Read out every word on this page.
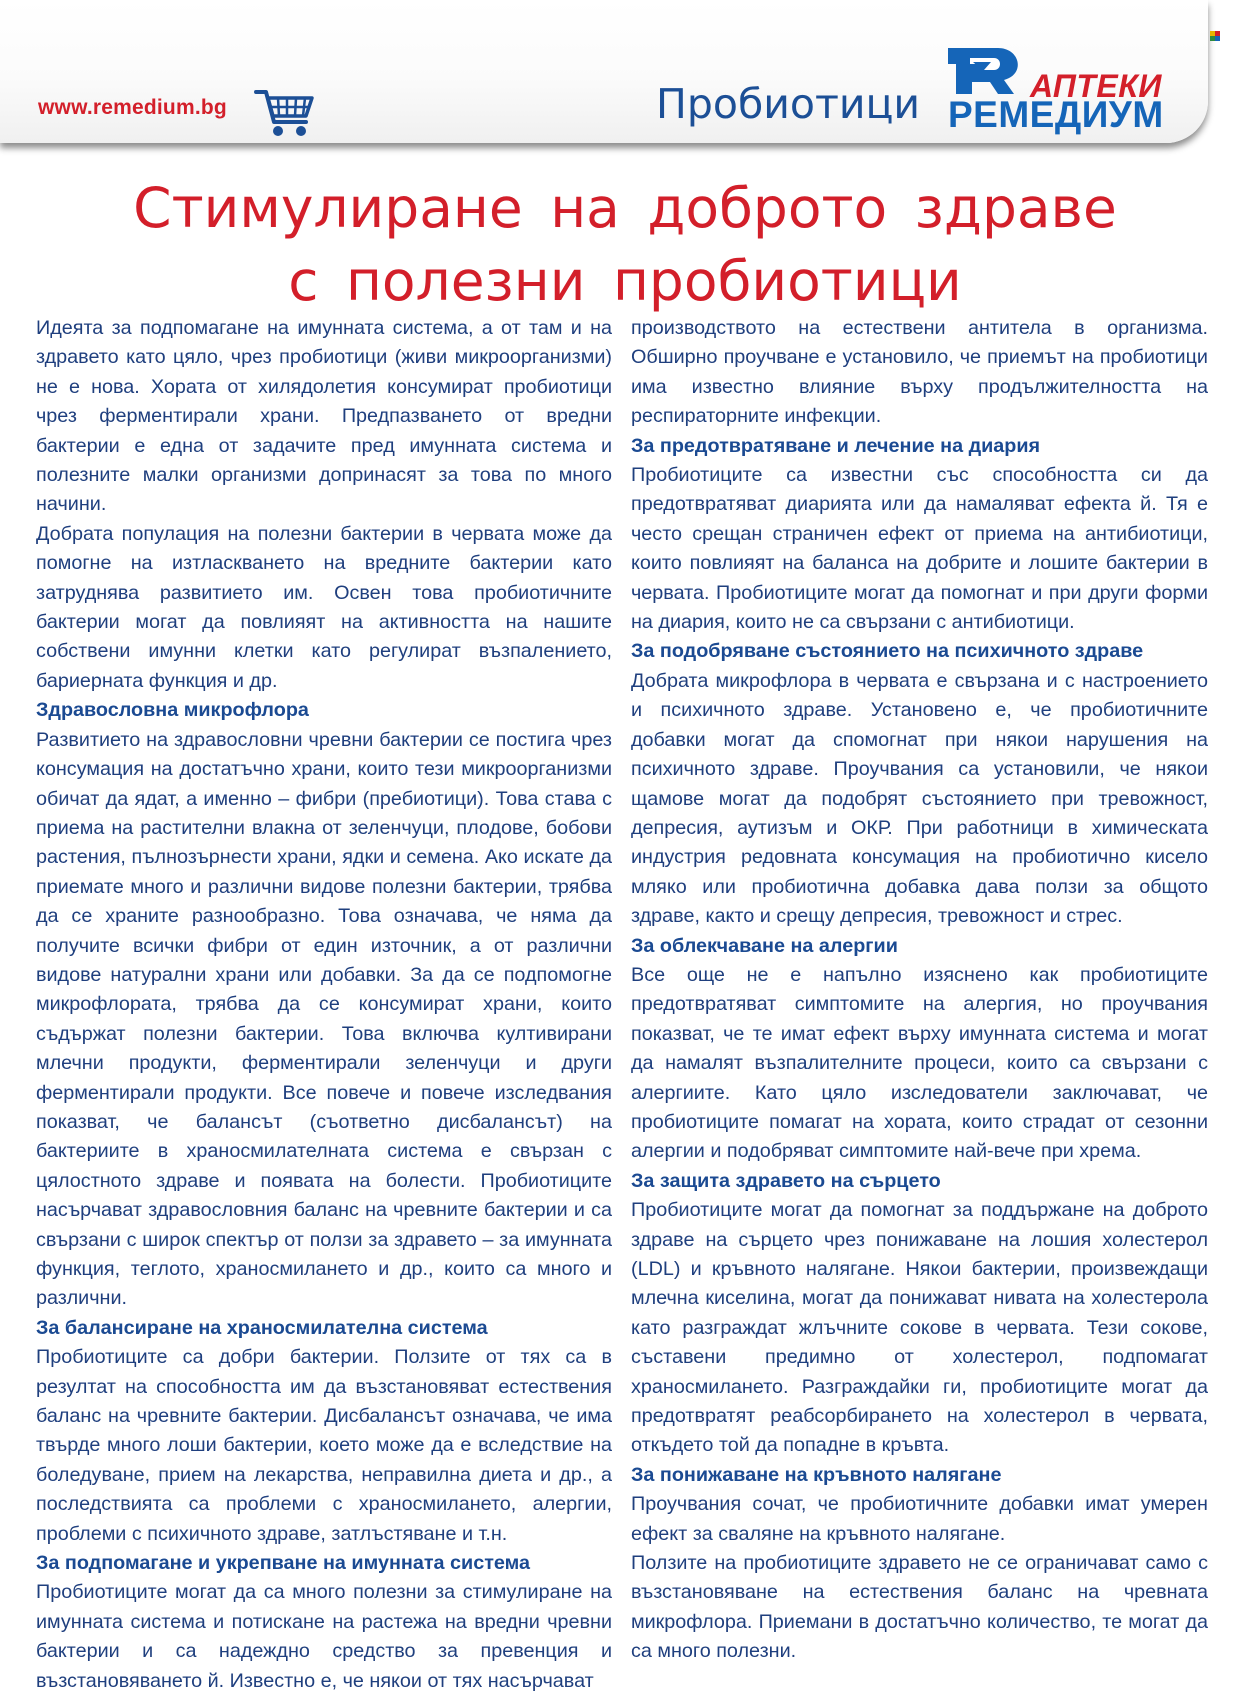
www.remedium.bg	Пробиотици	АПТЕКИ
РЕМЕДИУМ
Стимулиране на доброто здраве
с полезни пробиотици

Идеята за подпомагане на имунната система, а от там и на здравето като цяло, чрез пробиотици (живи микроорганизми) не е нова. Хората от хилядолетия консумират пробиотици чрез ферментирали храни. Предпазването от вредни бактерии е една от задачите пред имунната система и полезните малки организми допринасят за това по много начини.

Добрата популация на полезни бактерии в червата може да помогне на изтласкването на вредните бактерии като затруднява развитието им. Освен това пробиотичните бактерии могат да повлияят на активността на нашите собствени имунни клетки като регулират възпалението, бариерната функция и др.

Здравословна микрофлора

Развитието на здравословни чревни бактерии се постига чрез консумация на достатъчно храни, които тези микроорганизми обичат да ядат, а именно – фибри (пребиотици). Това става с приема на растителни влакна от зеленчуци, плодове, бобови растения, пълнозърнести храни, ядки и семена. Ако искате да приемате много и различни видове полезни бактерии, трябва да се храните разнообразно. Това означава, че няма да получите всички фибри от един източник, а от различни видове натурални храни или добавки. За да се подпомогне микрофлората, трябва да се консумират храни, които съдържат полезни бактерии. Това включва култивирани млечни продукти, ферментирали зеленчуци и други ферментирали продукти. Все повече и повече изследвания показват, че балансът (съответно дисбалансът) на бактериите в храносмилателната система е свързан с цялостното здраве и появата на болести. Пробиотиците насърчават здравословния баланс на чревните бактерии и са свързани с широк спектър от ползи за здравето – за имунната функция, теглото, храносмилането и др., които са много и различни.

За балансиране на храносмилателна система

Пробиотиците са добри бактерии. Ползите от тях са в резултат на способността им да възстановяват естествения баланс на чревните бактерии. Дисбалансът означава, че има твърде много лоши бактерии, което може да е вследствие на боледуване, прием на лекарства, неправилна диета и др., а последствията са проблеми с храносмилането, алергии, проблеми с психичното здраве, затлъстяване и т.н.

За подпомагане и укрепване на имунната система

Пробиотиците могат да са много полезни за стимулиране на имунната система и потискане на растежа на вредни чревни бактерии и са надеждно средство за превенция и възстановяването й. Известно е, че някои от тях насърчават

производството на естествени антитела в организма. Обширно проучване е установило, че приемът на пробиотици има известно влияние върху продължителността на респираторните инфекции.

За предотвратяване и лечение на диария

Пробиотиците са известни със способността си да предотвратяват диарията или да намаляват ефекта й. Тя е често срещан страничен ефект от приема на антибиотици, които повлияят на баланса на добрите и лошите бактерии в червата. Пробиотиците могат да помогнат и при други форми на диария, които не са свързани с антибиотици.

За подобряване състоянието на психичното здраве

Добрата микрофлора в червата е свързана и с настроението и психичното здраве. Установено е, че пробиотичните добавки могат да спомогнат при някои нарушения на психичното здраве. Проучвания са установили, че някои щамове могат да подобрят състоянието при тревожност, депресия, аутизъм и ОКР. При работници в химическата индустрия редовната консумация на пробиотично кисело мляко или пробиотична добавка дава ползи за общото здраве, както и срещу депресия, тревожност и стрес.

За облекчаване на алергии

Все още не е напълно изяснено как пробиотиците предотвратяват симптомите на алергия, но проучвания показват, че те имат ефект върху имунната система и могат да намалят възпалителните процеси, които са свързани с алергиите. Като цяло изследователи заключават, че пробиотиците помагат на хората, които страдат от сезонни алергии и подобряват симптомите най-вече при хрема.

За защита здравето на сърцето

Пробиотиците могат да помогнат за поддържане на доброто здраве на сърцето чрез понижаване на лошия холестерол (LDL) и кръвното налягане. Някои бактерии, произвеждащи млечна киселина, могат да понижават нивата на холестерола като разграждат жлъчните сокове в червата. Тези сокове, съставени предимно от холестерол, подпомагат храносмилането. Разграждайки ги, пробиотиците могат да предотвратят реабсорбирането на холестерол в червата, откъдето той да попадне в кръвта.

За понижаване на кръвното налягане

Проучвания сочат, че пробиотичните добавки имат умерен ефект за сваляне на кръвното налягане.

Ползите на пробиотиците здравето не се ограничават само с възстановяване на естествения баланс на чревната микрофлора. Приемани в достатъчно количество, те могат да са много полезни.
